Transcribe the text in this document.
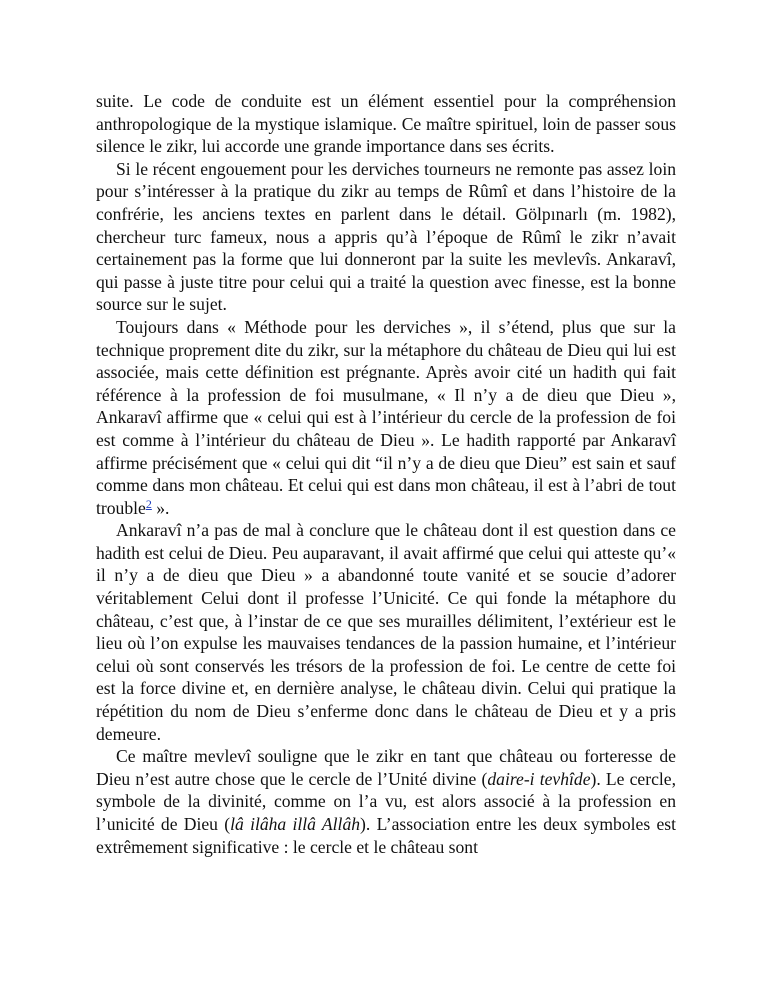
suite. Le code de conduite est un élément essentiel pour la compréhension anthropologique de la mystique islamique. Ce maître spirituel, loin de passer sous silence le zikr, lui accorde une grande importance dans ses écrits.

Si le récent engouement pour les derviches tourneurs ne remonte pas assez loin pour s’intéresser à la pratique du zikr au temps de Rûmî et dans l’histoire de la confrérie, les anciens textes en parlent dans le détail. Gölpınarlı (m. 1982), chercheur turc fameux, nous a appris qu’à l’époque de Rûmî le zikr n’avait certainement pas la forme que lui donneront par la suite les mevlevîs. Ankaravî, qui passe à juste titre pour celui qui a traité la question avec finesse, est la bonne source sur le sujet.

Toujours dans « Méthode pour les derviches », il s’étend, plus que sur la technique proprement dite du zikr, sur la métaphore du château de Dieu qui lui est associée, mais cette définition est prégnante. Après avoir cité un hadith qui fait référence à la profession de foi musulmane, « Il n’y a de dieu que Dieu », Ankaravî affirme que « celui qui est à l’intérieur du cercle de la profession de foi est comme à l’intérieur du château de Dieu ». Le hadith rapporté par Ankaravî affirme précisément que « celui qui dit “il n’y a de dieu que Dieu” est sain et sauf comme dans mon château. Et celui qui est dans mon château, il est à l’abri de tout trouble$^2$ ».

Ankaravî n’a pas de mal à conclure que le château dont il est question dans ce hadith est celui de Dieu. Peu auparavant, il avait affirmé que celui qui atteste qu’« il n’y a de dieu que Dieu » a abandonné toute vanité et se soucie d’adorer véritablement Celui dont il professe l’Unicité. Ce qui fonde la métaphore du château, c’est que, à l’instar de ce que ses murailles délimitent, l’extérieur est le lieu où l’on expulse les mauvaises tendances de la passion humaine, et l’intérieur celui où sont conservés les trésors de la profession de foi. Le centre de cette foi est la force divine et, en dernière analyse, le château divin. Celui qui pratique la répétition du nom de Dieu s’enferme donc dans le château de Dieu et y a pris demeure.

Ce maître mevlevî souligne que le zikr en tant que château ou forteresse de Dieu n’est autre chose que le cercle de l’Unité divine (daire-i tevhîde). Le cercle, symbole de la divinité, comme on l’a vu, est alors associé à la profession en l’unicité de Dieu (lâ ilâha illâ Allâh). L’association entre les deux symboles est extrêmement significative : le cercle et le château sont
